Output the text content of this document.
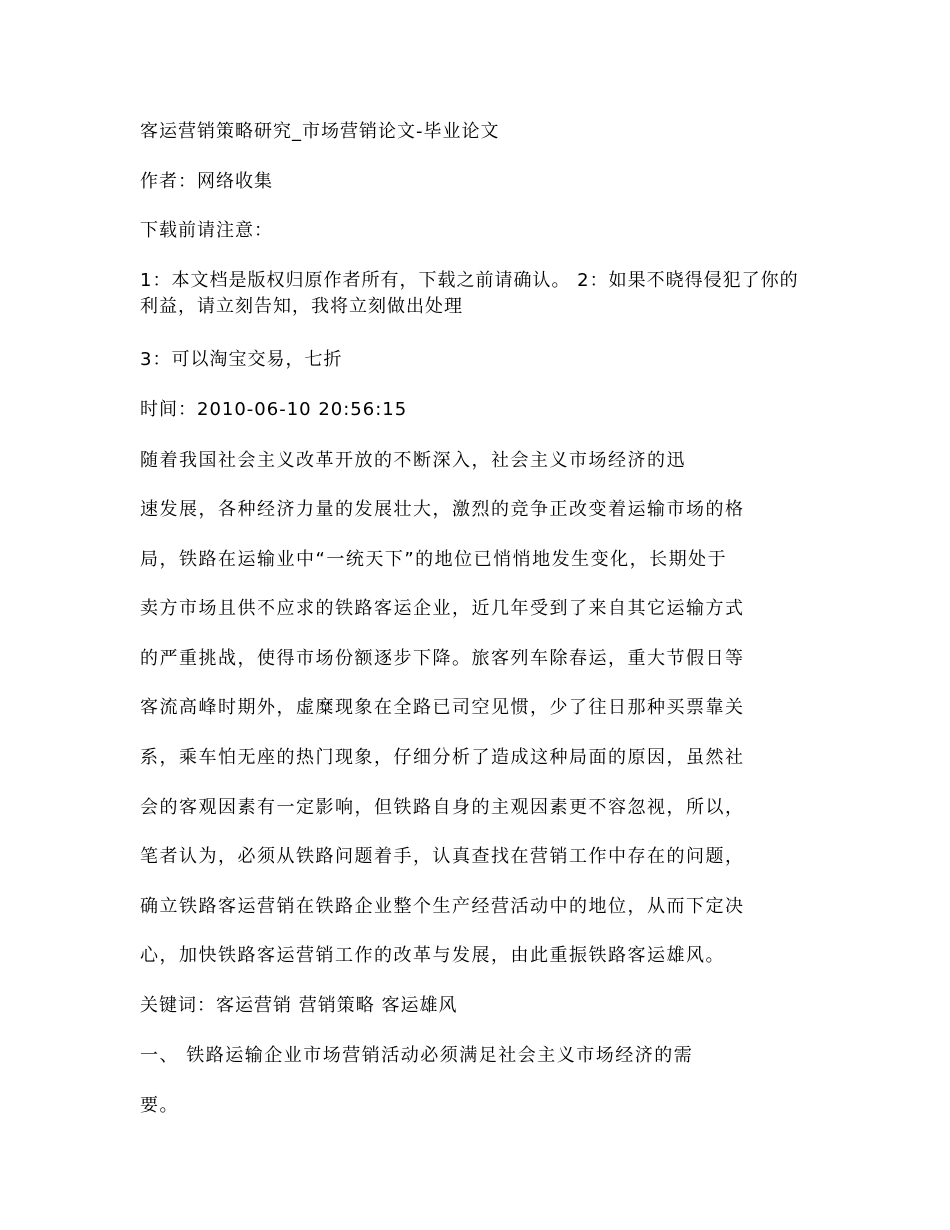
客运营销策略研究_市场营销论文-毕业论文
作者：网络收集
下载前请注意：
1：本文档是版权归原作者所有，下载之前请确认。 2：如果不晓得侵犯了你的利益，请立刻告知，我将立刻做出处理
3：可以淘宝交易，七折
时间：2010-06-10 20:56:15
随着我国社会主义改革开放的不断深入，社会主义市场经济的迅
速发展，各种经济力量的发展壮大，激烈的竞争正改变着运输市场的格
局，铁路在运输业中“一统天下”的地位已悄悄地发生变化，长期处于
卖方市场且供不应求的铁路客运企业，近几年受到了来自其它运输方式
的严重挑战，使得市场份额逐步下降。旅客列车除春运，重大节假日等
客流高峰时期外，虚糜现象在全路已司空见惯，少了往日那种买票靠关
系，乘车怕无座的热门现象，仔细分析了造成这种局面的原因，虽然社
会的客观因素有一定影响，但铁路自身的主观因素更不容忽视，所以，
笔者认为，必须从铁路问题着手，认真查找在营销工作中存在的问题，
确立铁路客运营销在铁路企业整个生产经营活动中的地位，从而下定决
心，加快铁路客运营销工作的改革与发展，由此重振铁路客运雄风。
关键词：客运营销 营销策略 客运雄风
一、 铁路运输企业市场营销活动必须满足社会主义市场经济的需
要。
